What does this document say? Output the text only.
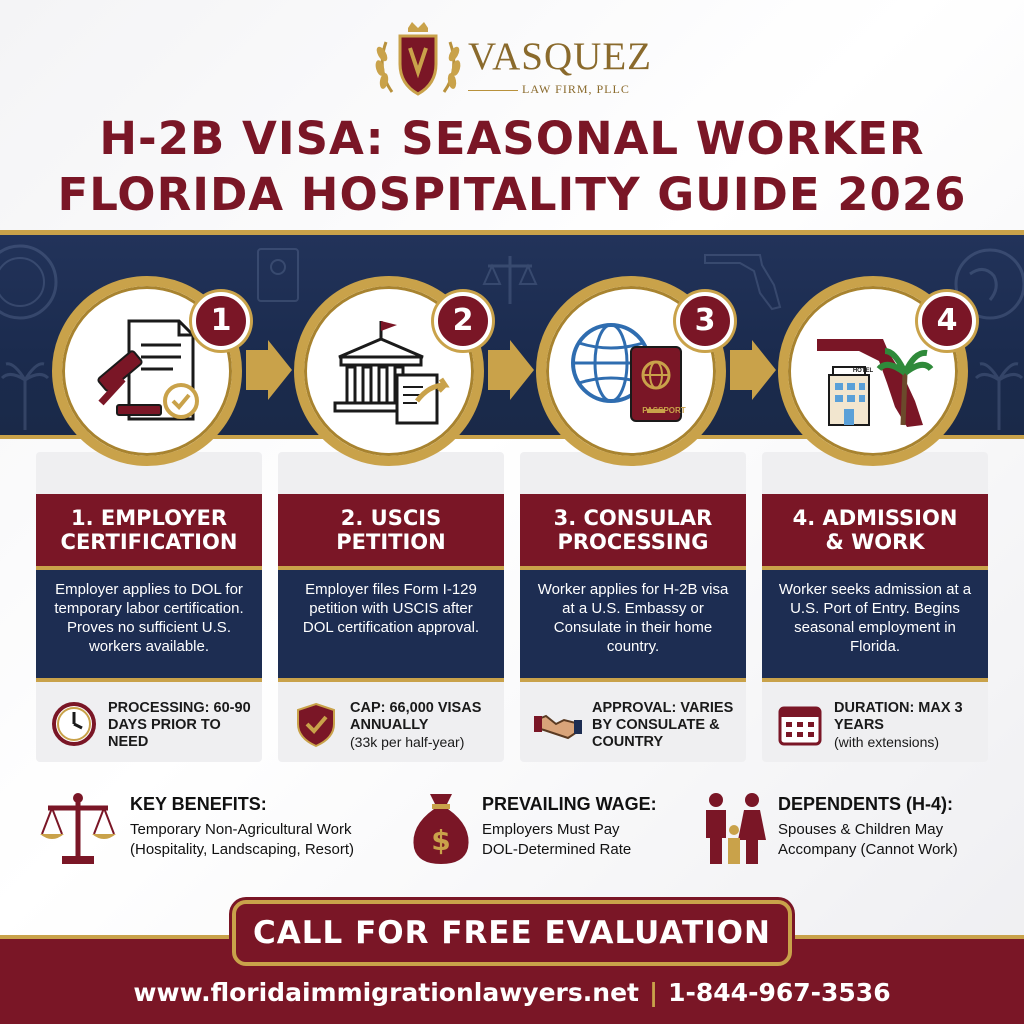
VASQUEZ
LAW FIRM, PLLC
H-2B VISA: SEASONAL WORKER
FLORIDA HOSPITALITY GUIDE 2026
1. EMPLOYER
CERTIFICATION
Employer applies to DOL for temporary labor certification. Proves no sufficient U.S. workers available.
PROCESSING: 60-90 DAYS PRIOR TO NEED
2. USCIS
PETITION
Employer files Form I-129 petition with USCIS after DOL certification approval.
CAP: 66,000 VISAS ANNUALLY
(33k per half-year)
3. CONSULAR
PROCESSING
Worker applies for H-2B visa at a U.S. Embassy or Consulate in their home country.
APPROVAL: VARIES BY CONSULATE & COUNTRY
4. ADMISSION
& WORK
Worker seeks admission at a U.S. Port of Entry. Begins seasonal employment in Florida.
DURATION: MAX 3 YEARS
(with extensions)
1	2
PASSPORT
3
HOTEL
4
KEY BENEFITS:
Temporary Non-Agricultural Work
(Hospitality, Landscaping, Resort)	$
PREVAILING WAGE:
Employers Must Pay
DOL-Determined Rate
DEPENDENTS (H-4):
Spouses & Children May
Accompany (Cannot Work)
CALL FOR FREE EVALUATION
www.floridaimmigrationlawyers.net | 1-844-967-3536
